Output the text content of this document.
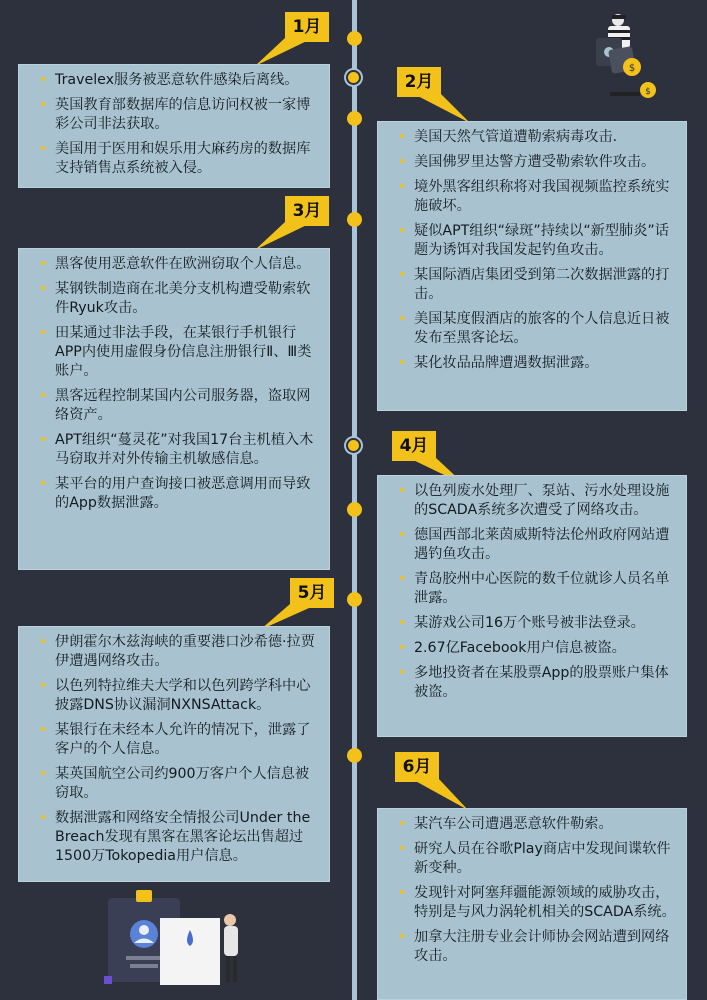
$
$
1月
• Travelex服务被恶意软件感染后离线。
• 英国教育部数据库的信息访问权被一家博彩公司非法获取。
• 美国用于医用和娱乐用大麻药房的数据库支持销售点系统被入侵。
2月
• 美国天然气管道遭勒索病毒攻击.
• 美国佛罗里达警方遭受勒索软件攻击。
• 境外黑客组织称将对我国视频监控系统实施破坏。
• 疑似APT组织“绿斑”持续以“新型肺炎”话题为诱饵对我国发起钓鱼攻击。
• 某国际酒店集团受到第二次数据泄露的打击。
• 美国某度假酒店的旅客的个人信息近日被发布至黑客论坛。
• 某化妆品品牌遭遇数据泄露。
3月
• 黑客使用恶意软件在欧洲窃取个人信息。
• 某钢铁制造商在北美分支机构遭受勒索软件Ryuk攻击。
• 田某通过非法手段，在某银行手机银行APP内使用虚假身份信息注册银行Ⅱ、Ⅲ类账户。
• 黑客远程控制某国内公司服务器，盗取网络资产。
• APT组织“蔓灵花”对我国17台主机植入木马窃取并对外传输主机敏感信息。
• 某平台的用户查询接口被恶意调用而导致的App数据泄露。
4月
• 以色列废水处理厂、泵站、污水处理设施的SCADA系统多次遭受了网络攻击。
• 德国西部北莱茵威斯特法伦州政府网站遭遇钓鱼攻击。
• 青岛胶州中心医院的数千位就诊人员名单泄露。
• 某游戏公司16万个账号被非法登录。
• 2.67亿Facebook用户信息被盗。
• 多地投资者在某股票App的股票账户集体被盗。
5月
• 伊朗霍尔木兹海峡的重要港口沙希德·拉贾伊遭遇网络攻击。
• 以色列特拉维夫大学和以色列跨学科中心披露DNS协议漏洞NXNSAttack。
• 某银行在未经本人允许的情况下，泄露了客户的个人信息。
• 某英国航空公司约900万客户个人信息被窃取。
• 数据泄露和网络安全情报公司Under the Breach发现有黑客在黑客论坛出售超过1500万Tokopedia用户信息。
6月
• 某汽车公司遭遇恶意软件勒索。
• 研究人员在谷歌Play商店中发现间谍软件新变种。
• 发现针对阿塞拜疆能源领域的威胁攻击，特别是与风力涡轮机相关的SCADA系统。
• 加拿大注册专业会计师协会网站遭到网络攻击。
